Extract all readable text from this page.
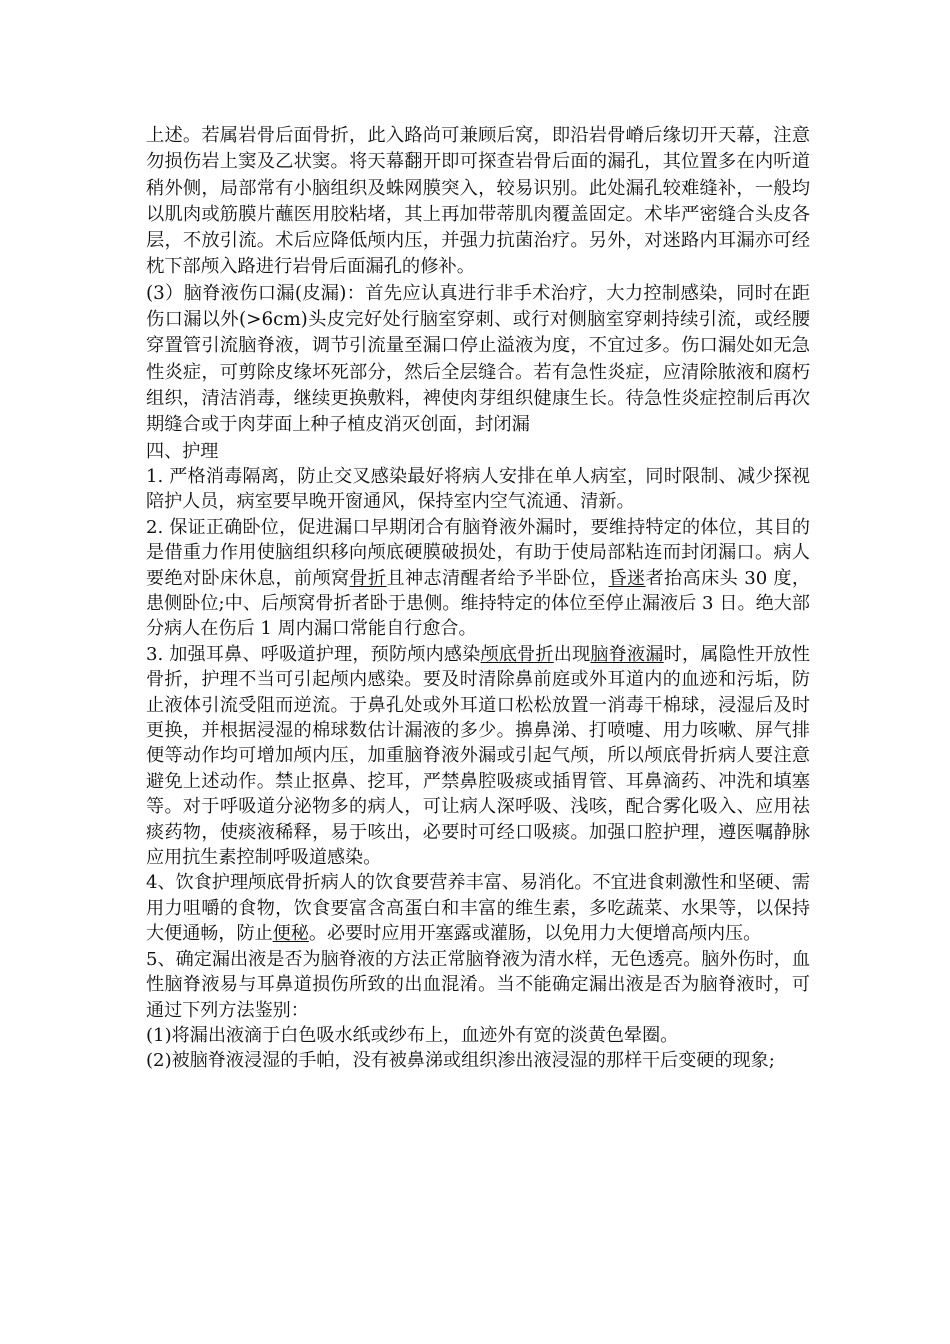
上述。若属岩骨后面骨折，此入路尚可兼顾后窝，即沿岩骨嵴后缘切开天幕，注意勿损伤岩上窦及乙状窦。将天幕翻开即可探查岩骨后面的漏孔，其位置多在内听道稍外侧，局部常有小脑组织及蛛网膜突入，较易识别。此处漏孔较难缝补，一般均以肌肉或筋膜片蘸医用胶粘堵，其上再加带蒂肌肉覆盖固定。术毕严密缝合头皮各层，不放引流。术后应降低颅内压，并强力抗菌治疗。另外，对迷路内耳漏亦可经枕下部颅入路进行岩骨后面漏孔的修补。

(3）脑脊液伤口漏(皮漏)：首先应认真进行非手术治疗，大力控制感染，同时在距伤口漏以外(>6cm)头皮完好处行脑室穿刺、或行对侧脑室穿刺持续引流，或经腰穿置管引流脑脊液，调节引流量至漏口停止溢液为度，不宜过多。伤口漏处如无急性炎症，可剪除皮缘坏死部分，然后全层缝合。若有急性炎症，应清除脓液和腐朽组织，清洁消毒，继续更换敷料，裨使肉芽组织健康生长。待急性炎症控制后再次期缝合或于肉芽面上种子植皮消灭创面，封闭漏

四、护理

1. 严格消毒隔离，防止交叉感染最好将病人安排在单人病室，同时限制、减少探视陪护人员，病室要早晚开窗通风，保持室内空气流通、清新。

2. 保证正确卧位，促进漏口早期闭合有脑脊液外漏时，要维持特定的体位，其目的是借重力作用使脑组织移向颅底硬膜破损处，有助于使局部粘连而封闭漏口。病人要绝对卧床休息，前颅窝骨折且神志清醒者给予半卧位，昏迷者抬高床头 30 度，患侧卧位;中、后颅窝骨折者卧于患侧。维持特定的体位至停止漏液后 3 日。绝大部分病人在伤后 1 周内漏口常能自行愈合。

3. 加强耳鼻、呼吸道护理，预防颅内感染颅底骨折出现脑脊液漏时，属隐性开放性骨折，护理不当可引起颅内感染。要及时清除鼻前庭或外耳道内的血迹和污垢，防止液体引流受阻而逆流。于鼻孔处或外耳道口松松放置一消毒干棉球，浸湿后及时更换，并根据浸湿的棉球数估计漏液的多少。擤鼻涕、打喷嚏、用力咳嗽、屏气排便等动作均可增加颅内压，加重脑脊液外漏或引起气颅，所以颅底骨折病人要注意避免上述动作。禁止抠鼻、挖耳，严禁鼻腔吸痰或插胃管、耳鼻滴药、冲洗和填塞等。对于呼吸道分泌物多的病人，可让病人深呼吸、浅咳，配合雾化吸入、应用祛痰药物，使痰液稀释，易于咳出，必要时可经口吸痰。加强口腔护理，遵医嘱静脉应用抗生素控制呼吸道感染。

4、饮食护理颅底骨折病人的饮食要营养丰富、易消化。不宜进食刺激性和坚硬、需用力咀嚼的食物，饮食要富含高蛋白和丰富的维生素，多吃蔬菜、水果等，以保持大便通畅，防止便秘。必要时应用开塞露或灌肠，以免用力大便增高颅内压。

5、确定漏出液是否为脑脊液的方法正常脑脊液为清水样，无色透亮。脑外伤时，血性脑脊液易与耳鼻道损伤所致的出血混淆。当不能确定漏出液是否为脑脊液时，可通过下列方法鉴别：

(1)将漏出液滴于白色吸水纸或纱布上，血迹外有宽的淡黄色晕圈。

(2)被脑脊液浸湿的手帕，没有被鼻涕或组织渗出液浸湿的那样干后变硬的现象;
